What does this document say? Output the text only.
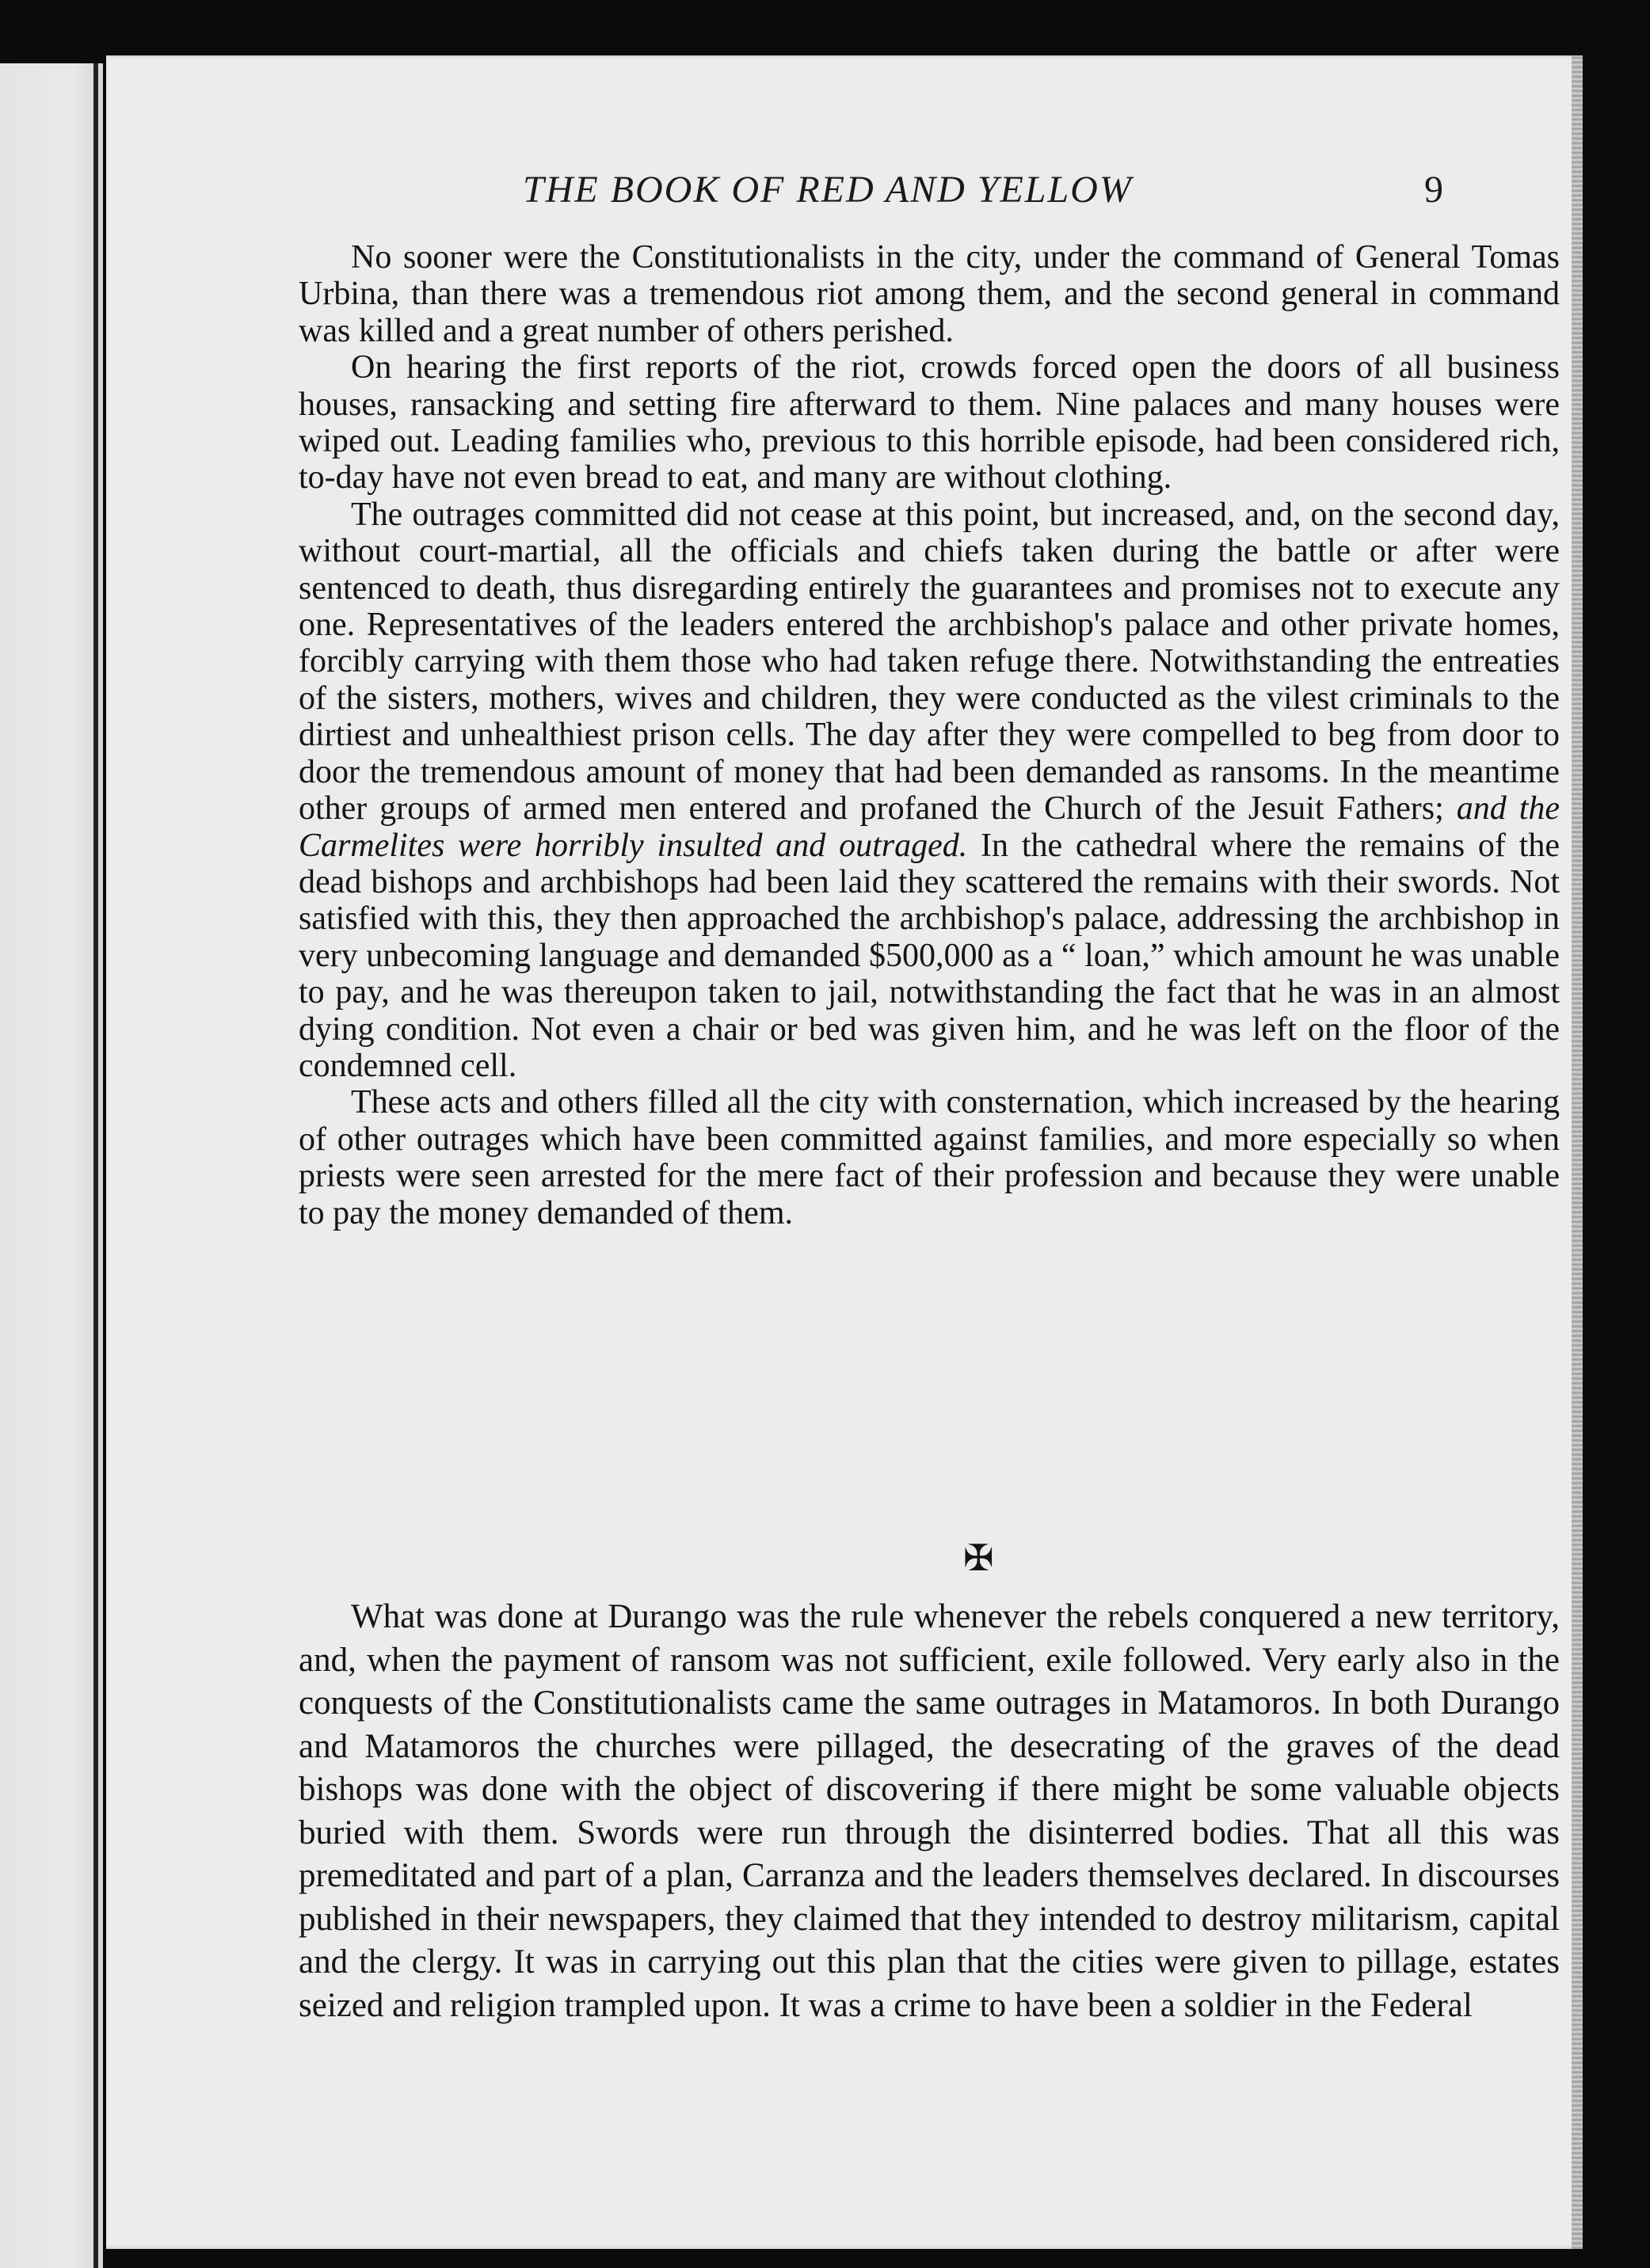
THE BOOK OF RED AND YELLOW	9

No sooner were the Constitutionalists in the city, under the command of General Tomas Urbina, than there was a tremendous riot among them, and the second general in command was killed and a great number of others perished.

On hearing the first reports of the riot, crowds forced open the doors of all business houses, ransacking and setting fire afterward to them. Nine palaces and many houses were wiped out. Leading families who, previous to this horrible episode, had been considered rich, to-day have not even bread to eat, and many are without clothing.

The outrages committed did not cease at this point, but increased, and, on the second day, without court-martial, all the officials and chiefs taken during the battle or after were sentenced to death, thus disregarding entirely the guarantees and promises not to execute any one. Representatives of the leaders entered the archbishop's palace and other private homes, forcibly carrying with them those who had taken refuge there. Notwithstanding the entreaties of the sisters, mothers, wives and children, they were conducted as the vilest criminals to the dirtiest and unhealthiest prison cells. The day after they were compelled to beg from door to door the tremendous amount of money that had been demanded as ransoms. In the meantime other groups of armed men entered and profaned the Church of the Jesuit Fathers; and the Carmelites were horribly insulted and outraged. In the cathedral where the remains of the dead bishops and archbishops had been laid they scattered the remains with their swords. Not satisfied with this, they then approached the archbishop's palace, addressing the archbishop in very unbecoming language and demanded $500,000 as a “ loan,” which amount he was unable to pay, and he was thereupon taken to jail, notwithstanding the fact that he was in an almost dying condition. Not even a chair or bed was given him, and he was left on the floor of the condemned cell.

These acts and others filled all the city with consternation, which increased by the hearing of other outrages which have been committed against families, and more especially so when priests were seen arrested for the mere fact of their profession and because they were unable to pay the money demanded of them.

✠

What was done at Durango was the rule whenever the rebels conquered a new territory, and, when the payment of ransom was not sufficient, exile followed. Very early also in the conquests of the Constitutionalists came the same outrages in Matamoros. In both Durango and Matamoros the churches were pillaged, the desecrating of the graves of the dead bishops was done with the object of discovering if there might be some valuable objects buried with them. Swords were run through the disinterred bodies. That all this was premeditated and part of a plan, Carranza and the leaders themselves declared. In discourses published in their newspapers, they claimed that they intended to destroy militarism, capital and the clergy. It was in carrying out this plan that the cities were given to pillage, estates seized and religion trampled upon. It was a crime to have been a soldier in the Federal
